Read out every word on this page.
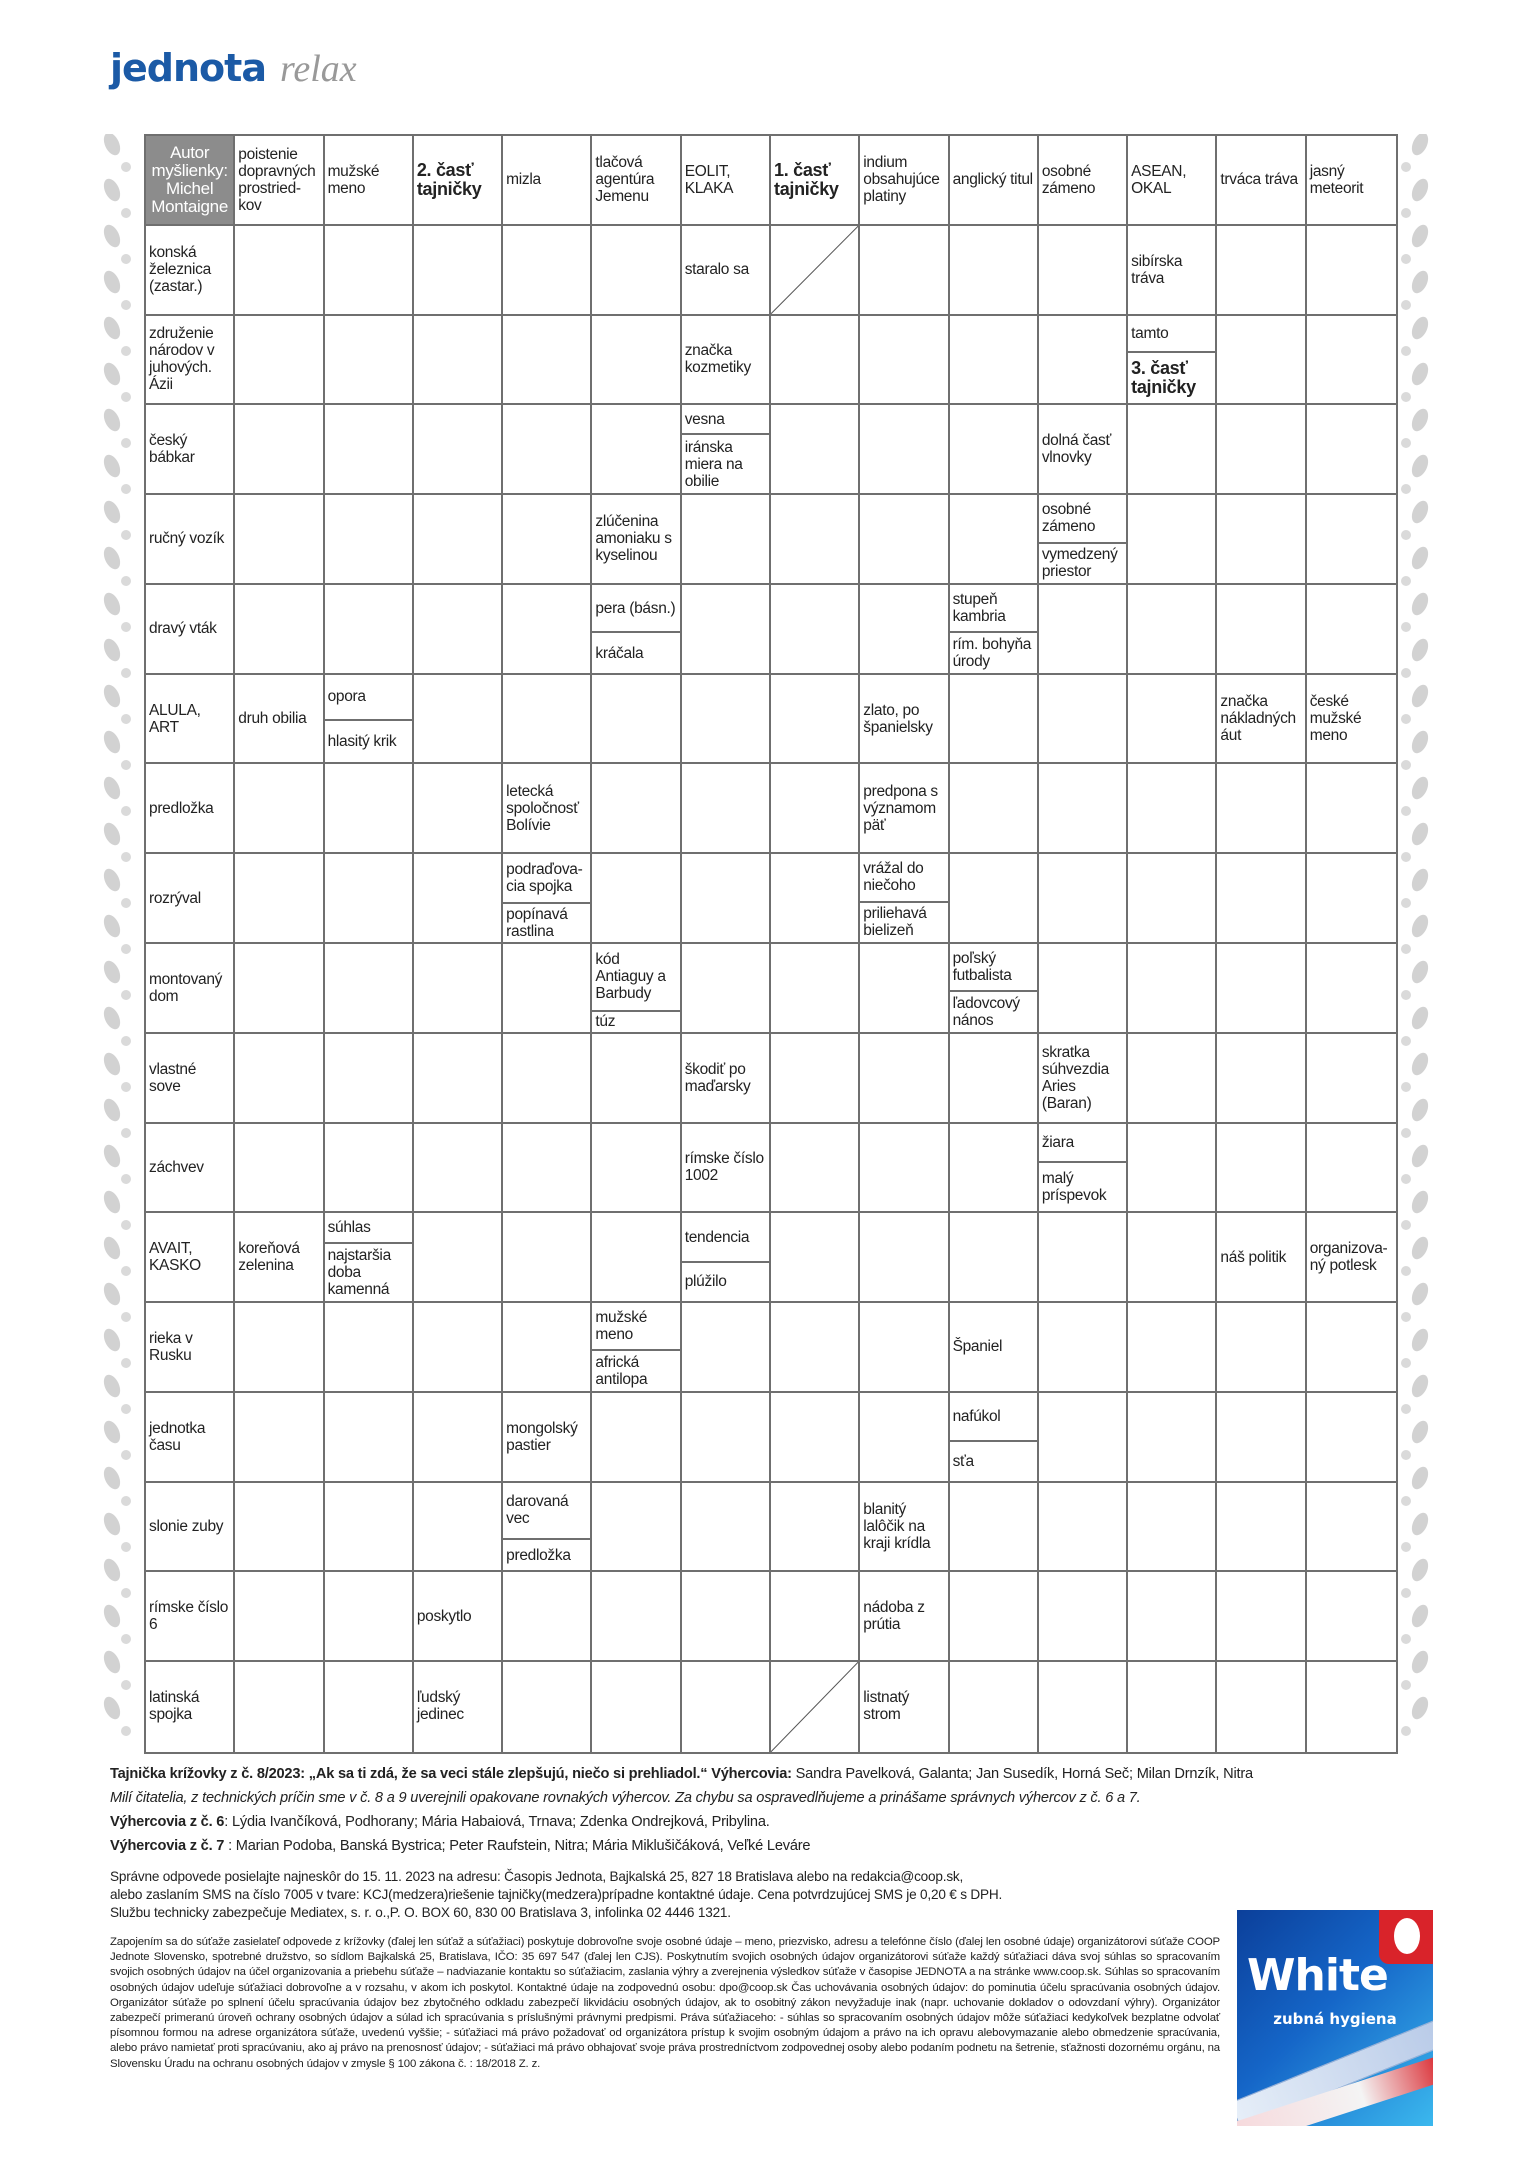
jednota relax
Autor myšlienky: Michel Montaigne
poistenie dopravných prostried-kov
mužské meno
2. časť tajničky	mizla
tlačová agentúra Jemenu
EOLIT, KLAKA
1. časť tajničky
indium obsahujúce platiny
anglický titul osobné zámeno
ASEAN, OKAL	trváca tráva jasný meteorit
konská železnica (zastar.)
staralo sa	sibírska tráva
združenie národov v juhových. Ázii
značka kozmetiky
tamto
3. časť tajničky
český bábkar
vesna
iránska miera na obilie
dolná časť vlnovky
ručný vozík
zlúčenina amoniaku s kyselinou
osobné zámeno
vymedzený priestor
dravý vták
pera (básn.)
kráčala
stupeň kambria
rím. bohyňa úrody
ALULA, ART	druh obilia
opora
hlasitý krik
zlato, po španielsky
značka nákladných áut
české mužské meno
predložka
letecká spoločnosť Bolívie
predpona s významom päť
rozrýval
podraďova-cia spojka
popínavá rastlina
vrážal do niečoho
priliehavá bielizeň
montovaný dom
kód Antiaguy a Barbudy
túz
poľský futbalista
ľadovcový nános
vlastné sove
škodiť po maďarsky
skratka súhvezdia Aries (Baran)
záchvev	rímske číslo 1002
žiara
malý príspevok
AVAIT, KASKO
koreňová zelenina
súhlas
najstaršia doba kamenná
tendencia
plúžilo
náš politik	organizova-ný potlesk
rieka v Rusku
mužské meno
africká antilopa
Španiel
jednotka času
mongolský pastier
nafúkol
sťa
slonie zuby
darovaná vec
predložka
blanitý lalôčik na kraji krídla
rímske číslo 6	poskytlo	nádoba z prútia
latinská spojka
ľudský jedinec
listnatý strom
Tajnička krížovky z č. 8/2023: „Ak sa ti zdá, že sa veci stále zlepšujú, niečo si prehliadol.“ Výhercovia: Sandra Pavelková, Galanta; Jan Susedík, Horná Seč; Milan Drnzík, Nitra
Milí čitatelia, z technických príčin sme v č. 8 a 9 uverejnili opakovane rovnakých výhercov. Za chybu sa ospravedlňujeme a prinášame správnych výhercov z č. 6 a 7.
Výhercovia z č. 6: Lýdia Ivančíková, Podhorany; Mária Habaiová, Trnava; Zdenka Ondrejková, Pribylina.
Výhercovia z č. 7 : Marian Podoba, Banská Bystrica; Peter Raufstein, Nitra; Mária Miklušičáková, Veľké Leváre
Správne odpovede posielajte najneskôr do 15. 11. 2023 na adresu: Časopis Jednota, Bajkalská 25, 827 18 Bratislava alebo na redakcia@coop.sk,
alebo zaslaním SMS na číslo 7005 v tvare: KCJ(medzera)riešenie tajničky(medzera)prípadne kontaktné údaje. Cena potvrdzujúcej SMS je 0,20 € s DPH.
Službu technicky zabezpečuje Mediatex, s. r. o.,P. O. BOX 60, 830 00 Bratislava 3, infolinka 02 4446 1321.
Zapojením sa do súťaže zasielateľ odpovede z krížovky (ďalej len súťaž a súťažiaci) poskytuje dobrovoľne svoje osobné údaje – meno, priezvisko, adresu a telefónne číslo (ďalej len osobné údaje) organizátorovi súťaže COOP Jednote Slovensko, spotrebné družstvo, so sídlom Bajkalská 25, Bratislava, IČO: 35 697 547 (ďalej len CJS). Poskytnutím svojich osobných údajov organizátorovi súťaže každý súťažiaci dáva svoj súhlas so spracovaním svojich osobných údajov na účel organizovania a priebehu súťaže – nadviazanie kontaktu so súťažiacim, zaslania výhry a zverejnenia výsledkov súťaže v časopise JEDNOTA a na stránke www.coop.sk. Súhlas so spracovaním osobných údajov udeľuje súťažiaci dobrovoľne a v rozsahu, v akom ich poskytol. Kontaktné údaje na zodpovednú osobu: dpo@coop.sk Čas uchovávania osobných údajov: do pominutia účelu spracúvania osobných údajov. Organizátor súťaže po splnení účelu spracúvania údajov bez zbytočného odkladu zabezpečí likvidáciu osobných údajov, ak to osobitný zákon nevyžaduje inak (napr. uchovanie dokladov o odovzdaní výhry). Organizátor zabezpečí primeranú úroveň ochrany osobných údajov a súlad ich spracúvania s príslušnými právnymi predpismi. Práva súťažiaceho: - súhlas so spracovaním osobných údajov môže súťažiaci kedykoľvek bezplatne odvolať písomnou formou na adrese organizátora súťaže, uvedenú vyššie; - súťažiaci má právo požadovať od organizátora prístup k svojim osobným údajom a právo na ich opravu alebovymazanie alebo obmedzenie spracúvania, alebo právo namietať proti spracúvaniu, ako aj právo na prenosnosť údajov; - súťažiaci má právo obhajovať svoje práva prostredníctvom zodpovednej osoby alebo podaním podnetu na šetrenie, sťažnosti dozornému orgánu, na Slovensku Úradu na ochranu osobných údajov v zmysle § 100 zákona č. : 18/2018 Z. z.
White
zubná hygiena
